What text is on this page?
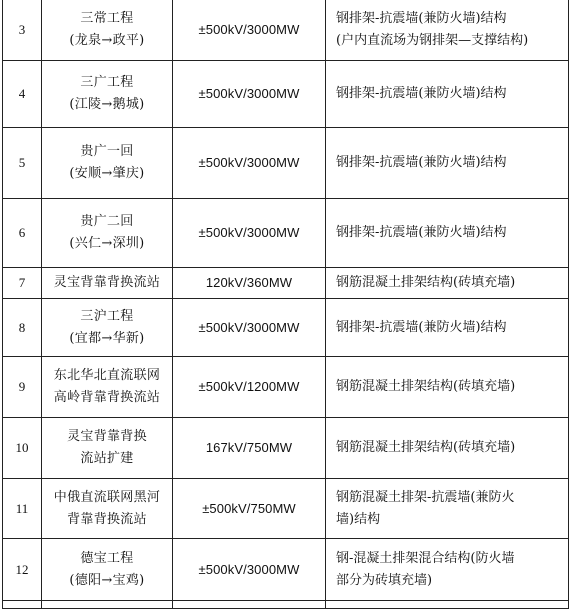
3	三常工程
(龙泉→政平)	±500kV/3000MW	钢排架-抗震墙(兼防火墙)结构
(户内直流场为钢排架—支撑结构)

4	三广工程
(江陵→鹅城)	±500kV/3000MW	钢排架-抗震墙(兼防火墙)结构

5	贵广一回
(安顺→肇庆)	±500kV/3000MW	钢排架-抗震墙(兼防火墙)结构

6	贵广二回
(兴仁→深圳)	±500kV/3000MW	钢排架-抗震墙(兼防火墙)结构

7	灵宝背靠背换流站	120kV/360MW	钢筋混凝土排架结构(砖填充墙)

8	三沪工程
(宜都→华新)	±500kV/3000MW	钢排架-抗震墙(兼防火墙)结构

9	东北华北直流联网
高岭背靠背换流站	±500kV/1200MW	钢筋混凝土排架结构(砖填充墙)

10	灵宝背靠背换
流站扩建	167kV/750MW	钢筋混凝土排架结构(砖填充墙)

11	中俄直流联网黑河
背靠背换流站	±500kV/750MW	钢筋混凝土排架-抗震墙(兼防火
墙)结构

12	德宝工程
(德阳→宝鸡)	±500kV/3000MW	钢-混凝土排架混合结构(防火墙
部分为砖填充墙)
